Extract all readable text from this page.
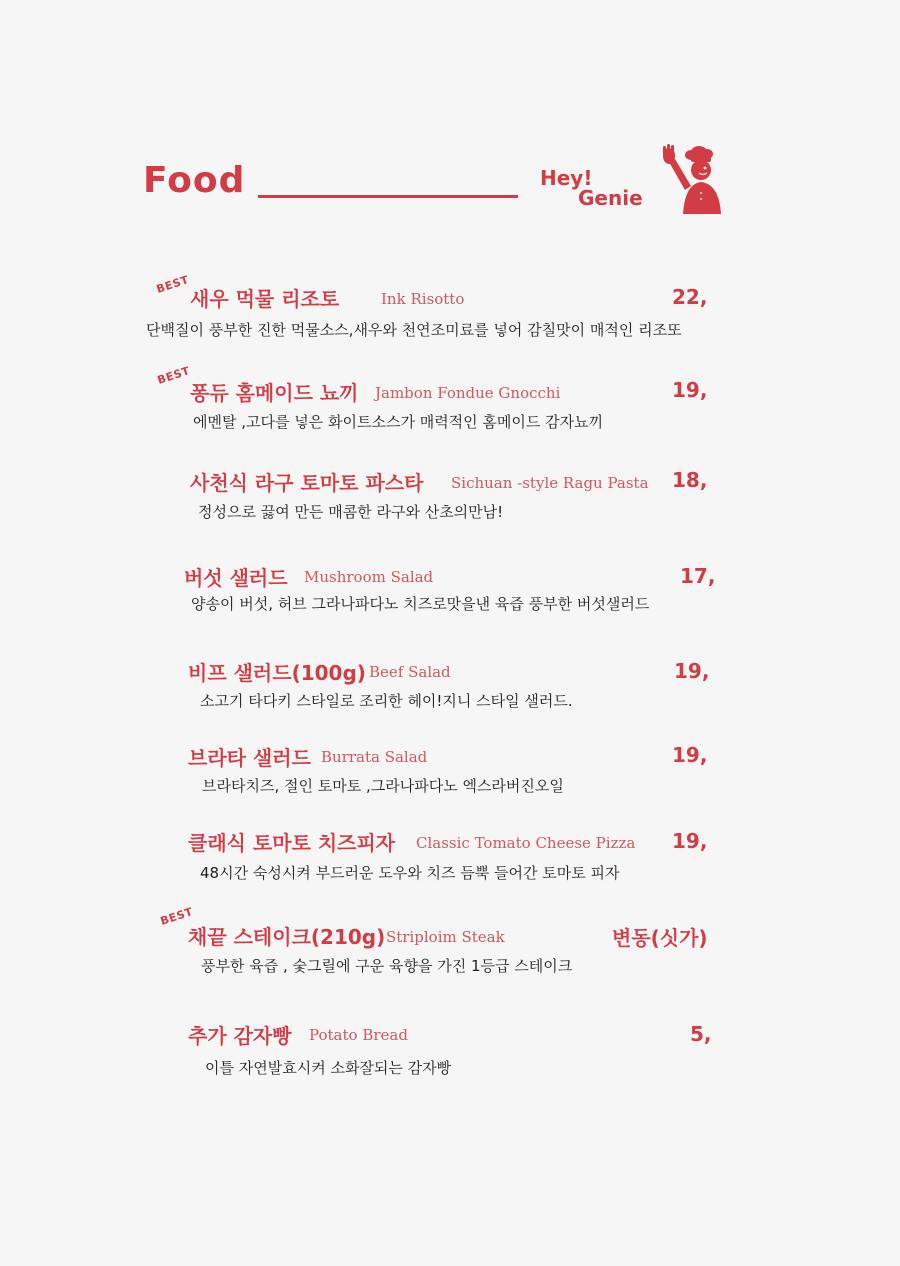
Food	Hey!
Genie
BEST
새우 먹물 리조토	Ink Risotto	22,
단백질이 풍부한 진한 먹물소스,새우와 천연조미료를 넣어 감칠맛이 매적인 리조또
BEST
퐁듀 홈메이드 뇨끼 Jambon Fondue Gnocchi	19,
에멘탈 ,고다를 넣은 화이트소스가 매력적인 홈메이드 감자뇨끼
사천식 라구 토마토 파스타 Sichuan -style Ragu Pasta 18,
정성으로 끓여 만든 매콤한 라구와 산초의만남!
버섯 샐러드 Mushroom Salad	17,
양송이 버섯, 허브 그라나파다노 치즈로맛을낸 육즙 풍부한 버섯샐러드
비프 샐러드(100g) Beef Salad	19,
소고기 타다키 스타일로 조리한 헤이!지니 스타일 샐러드.
브라타 샐러드 Burrata Salad	19,
브라타치즈, 절인 토마토 ,그라나파다노 엑스라버진오일
클래식 토마토 치즈피자 Classic Tomato Cheese Pizza 19,
48시간 숙성시켜 부드러운 도우와 치즈 듬뿍 들어간 토마토 피자
BEST
채끝 스테이크(210g) Striploim Steak	변동(싯가)
풍부한 육즙 , 숯그릴에 구운 육향을 가진 1등급 스테이크
추가 감자빵 Potato Bread	5,
이틀 자연발효시켜 소화잘되는 감자빵
